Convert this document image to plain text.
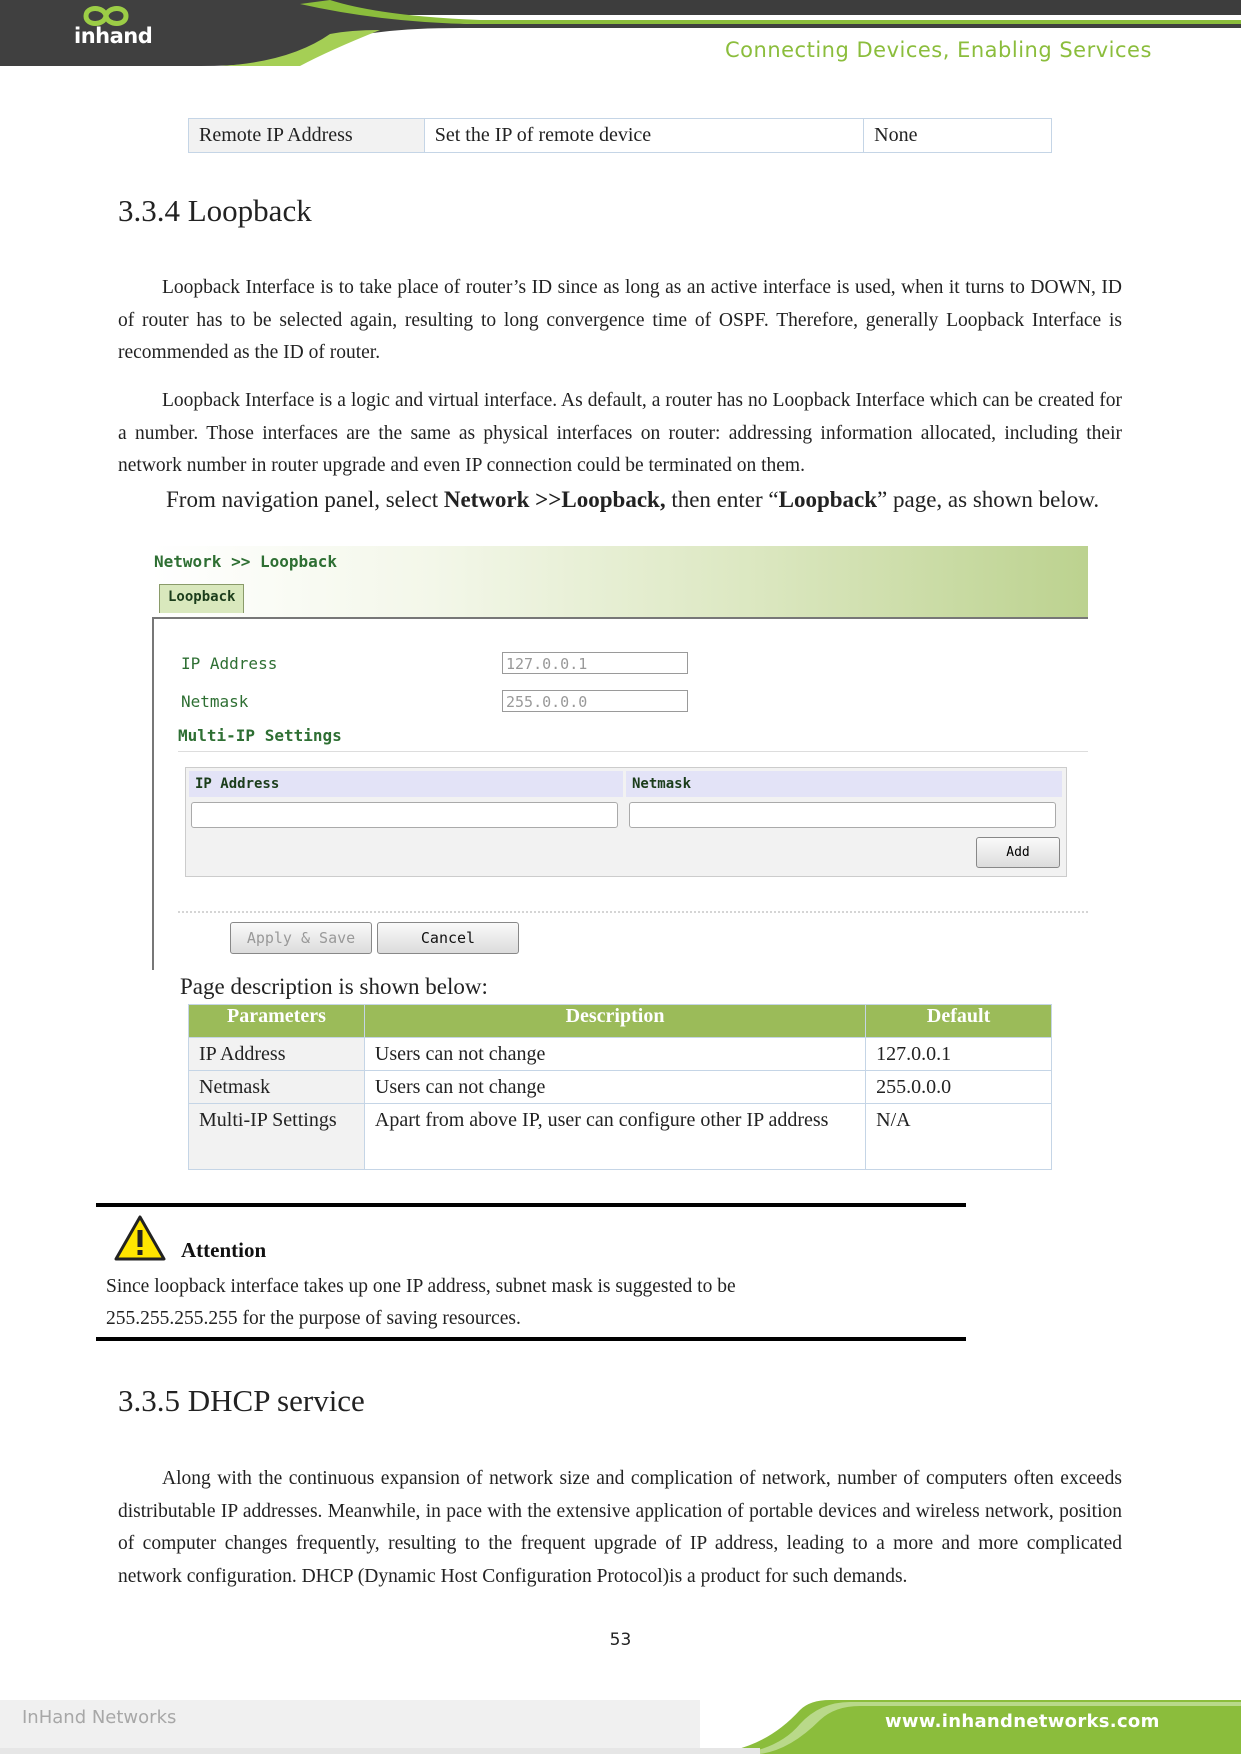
inhand
Connecting Devices, Enabling Services
Remote IP Address	Set the IP of remote device	None
3.3.4 Loopback
Loopback Interface is to take place of router’s ID since as long as an active interface is used, when it turns to DOWN, ID of router has to be selected again, resulting to long convergence time of OSPF. Therefore, generally Loopback Interface is recommended as the ID of router.
Loopback Interface is a logic and virtual interface. As default, a router has no Loopback Interface which can be created for a number. Those interfaces are the same as physical interfaces on router: addressing information allocated, including their network number in router upgrade and even IP connection could be terminated on them.
From navigation panel, select Network >>Loopback, then enter “Loopback” page, as shown below.
Network >> Loopback
Loopback
IP Address	127.0.0.1
Netmask	255.0.0.0
Multi-IP Settings
IP Address	Netmask
Add
Apply & Save	Cancel
Page description is shown below:
Parameters	Description	Default
IP Address	Users can not change	127.0.0.1
Netmask	Users can not change	255.0.0.0
Multi-IP Settings	Apart from above IP, user can configure other IP address	N/A
Attention
Since loopback interface takes up one IP address, subnet mask is suggested to be
255.255.255.255 for the purpose of saving resources.
3.3.5 DHCP service
Along with the continuous expansion of network size and complication of network, number of computers often exceeds distributable IP addresses. Meanwhile, in pace with the extensive application of portable devices and wireless network, position of computer changes frequently, resulting to the frequent upgrade of IP address, leading to a more and more complicated network configuration. DHCP (Dynamic Host Configuration Protocol)is a product for such demands.
53
InHand Networks	www.inhandnetworks.com
